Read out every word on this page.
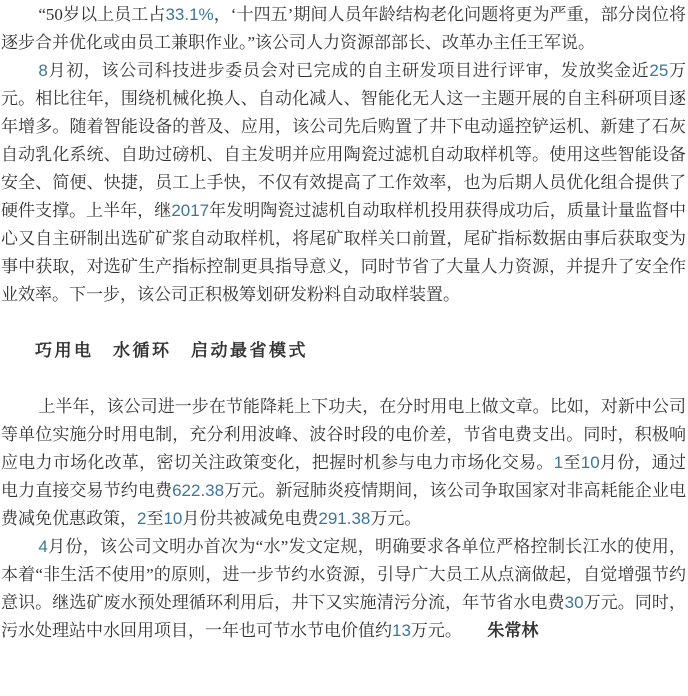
“50岁以上员工占33.1%，‘十四五’期间人员年龄结构老化问题将更为严重，部分岗位将逐步合并优化或由员工兼职作业。”该公司人力资源部部长、改革办主任王军说。

8月初，该公司科技进步委员会对已完成的自主研发项目进行评审，发放奖金近25万元。相比往年，围绕机械化换人、自动化减人、智能化无人这一主题开展的自主科研项目逐年增多。随着智能设备的普及、应用，该公司先后购置了井下电动遥控铲运机、新建了石灰自动乳化系统、自助过磅机、自主发明并应用陶瓷过滤机自动取样机等。使用这些智能设备安全、简便、快捷，员工上手快，不仅有效提高了工作效率，也为后期人员优化组合提供了硬件支撑。上半年，继2017年发明陶瓷过滤机自动取样机投用获得成功后，质量计量监督中心又自主研制出选矿矿浆自动取样机，将尾矿取样关口前置，尾矿指标数据由事后获取变为事中获取，对选矿生产指标控制更具指导意义，同时节省了大量人力资源，并提升了安全作业效率。下一步，该公司正积极筹划研发粉料自动取样装置。

巧用电　水循环　启动最省模式

上半年，该公司进一步在节能降耗上下功夫，在分时用电上做文章。比如，对新中公司等单位实施分时用电制，充分利用波峰、波谷时段的电价差，节省电费支出。同时，积极响应电力市场化改革，密切关注政策变化，把握时机参与电力市场化交易。1至10月份，通过电力直接交易节约电费622.38万元。新冠肺炎疫情期间，该公司争取国家对非高耗能企业电费减免优惠政策，2至10月份共被减免电费291.38万元。

4月份，该公司文明办首次为“水”发文定规，明确要求各单位严格控制长江水的使用，本着“非生活不使用”的原则，进一步节约水资源，引导广大员工从点滴做起，自觉增强节约意识。继选矿废水预处理循环利用后，井下又实施清污分流，年节省水电费30万元。同时，污水处理站中水回用项目，一年也可节水节电价值约13万元。　　 朱常林
